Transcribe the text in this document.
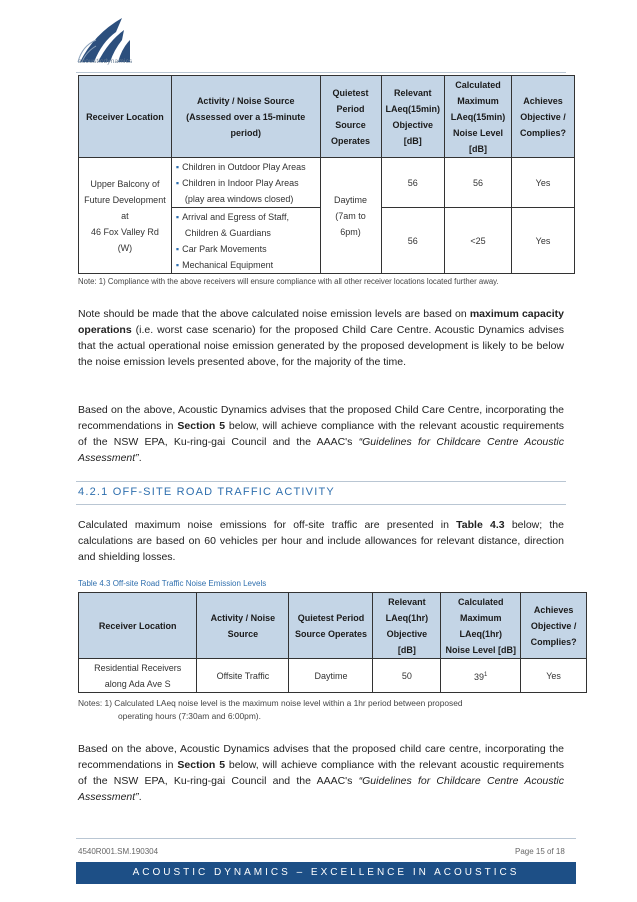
acousticdynamics
Receiver Location	Activity / Noise Source (Assessed over a 15-minute period)	Quietest Period Source Operates	Relevant
LAeq(15min)
Objective [dB]	Calculated Maximum
LAeq(15min)
Noise Level [dB]	Achieves Objective / Complies?
Upper Balcony of
Future Development
at
46 Fox Valley Rd
(W)	▪ Children in Outdoor Play Areas
▪ Children in Indoor Play Areas
(play area windows closed)	Daytime
(7am to
6pm)	56	56	Yes
	▪ Arrival and Egress of Staff,
Children & Guardians
▪ Car Park Movements
▪ Mechanical Equipment		56	<25	Yes
Note: 1) Compliance with the above receivers will ensure compliance with all other receiver locations located further away.
Note should be made that the above calculated noise emission levels are based on maximum capacity operations (i.e. worst case scenario) for the proposed Child Care Centre. Acoustic Dynamics advises that the actual operational noise emission generated by the proposed development is likely to be below the noise emission levels presented above, for the majority of the time.
Based on the above, Acoustic Dynamics advises that the proposed Child Care Centre, incorporating the recommendations in Section 5 below, will achieve compliance with the relevant acoustic requirements of the NSW EPA, Ku-ring-gai Council and the AAAC's “Guidelines for Childcare Centre Acoustic Assessment”.
4.2.1 OFF-SITE ROAD TRAFFIC ACTIVITY
Calculated maximum noise emissions for off-site traffic are presented in Table 4.3 below; the calculations are based on 60 vehicles per hour and include allowances for relevant distance, direction and shielding losses.
Table 4.3 Off-site Road Traffic Noise Emission Levels
Receiver Location	Activity / Noise Source	Quietest Period Source Operates	Relevant
LAeq(1hr)
Objective [dB]	Calculated Maximum
LAeq(1hr)
Noise Level [dB]	Achieves Objective / Complies?
Residential Receivers
along Ada Ave S	Offsite Traffic	Daytime	50	$39^1$	Yes
Notes: 1) Calculated LAeq noise level is the maximum noise level within a 1hr period between proposed
operating hours (7:30am and 6:00pm).
Based on the above, Acoustic Dynamics advises that the proposed child care centre, incorporating the recommendations in Section 5 below, will achieve compliance with the relevant acoustic requirements of the NSW EPA, Ku-ring-gai Council and the AAAC's “Guidelines for Childcare Centre Acoustic Assessment”.
4540R001.SM.190304	Page 15 of 18
ACOUSTIC DYNAMICS – EXCELLENCE IN ACOUSTICS
